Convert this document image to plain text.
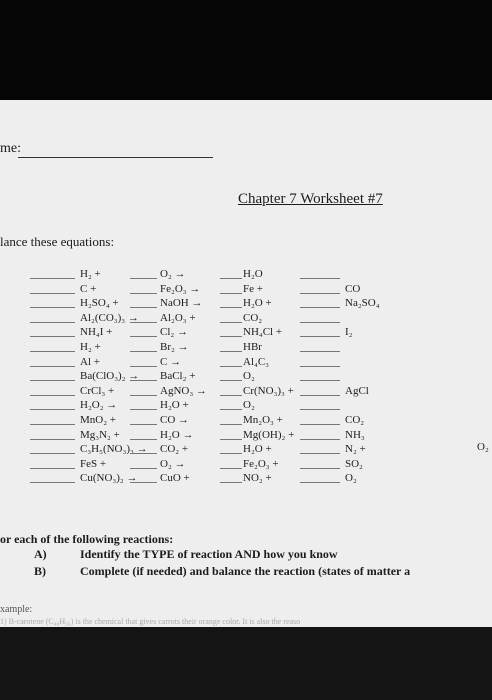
me:
Chapter 7 Worksheet #7
lance these equations:
H₂ +	O₂ →	H₂O
C +	Fe₂O₃ →	Fe +	CO
H₂SO₄ +	NaOH →	H₂O +	Na₂SO₄
Al₂(CO₃)₃ → Al₂O₃ +	CO₂
NH₄I +	Cl₂ →	NH₄Cl +	I₂
H₂ +	Br₂ →	HBr
Al +	C →	Al₄C₃
Ba(ClO₃)₂ → BaCl₂ +	O₂
CrCl₃ +	AgNO₃ →	Cr(NO₃)₃ +	AgCl
H₂O₂ →	H₂O +	O₂
MnO₂ +	CO →	Mn₂O₃ +	CO₂
Mg₃N₂ +	H₂O →	Mg(OH)₂ +	NH₃
C₃H₅(NO₃)₃ → CO₂ +	H₂O +	N₂ +
FeS +	O₂ →	Fe₂O₃ +	SO₂
Cu(NO₃)₂ → CuO +	NO₂ +	O₂
O₂
or each of the following reactions:
A)	Identify the TYPE of reaction AND how you know
B)	Complete (if needed) and balance the reaction (states of matter a
xample:
1) B-carotene (C₄₀H₅₆) is the chemical that gives carrots their orange color. It is also the reaso
